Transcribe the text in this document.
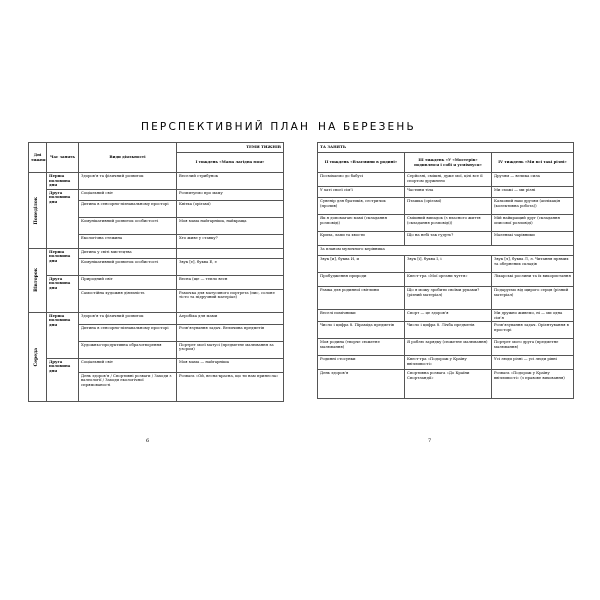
ПЕРСПЕКТИВНИЙ ПЛАН НА БЕРЕЗЕНЬ
Дні тижня	Час занять	Види діяльності	ТЕМИ ТИЖНІВ
			І тиждень «Мама лагідна моя»

Понеділок	Перша половина дня	Здоров’я та фізичний розвиток	Веселий стрибунок
	Друга половина дня	Соціальний світ	Розпитуємо про маму
		Дитина в сенсорно-пізнавальному просторі	Квітка (орігамі)
		Комунікативний розвиток особистості	Моя мама найгарніша, найкраща
		Екологічна стежина	Хто живе у ставку?

Вівторок	Перша половина дня	Дитина у світі мистецтва	
		Комунікативний розвиток особистості	Звук [е], буква Е, е
	Друга половина дня	Природний світ	Весна (ще — тепло весн
		Самостійна художня діяльність	Рамочка для матусиного портрета (пис, солоне тісто та підручний матеріал)

Середа	Перша половина дня	Здоров’я та фізичний розвиток	Аеробіка для мами
		Дитина в сенсорно-пізнавальному просторі	Розв’язування задач. Величина предметів
		Художньо-продуктивна образотворення	Портрет моєї матусі (предметне малювання за узором)
	Друга половина дня	Соціальний світ	Моя мама — найгарніша
		День здоров’я / Спортивні розваги / Заходи з валеології / Заходи екологічної спрямованості	Розвага «Ой, весна-красна, що ти нам принесла»
6
ТА ЗАНЯТЬ		
ІІ тиждень «Взаємини в родині»	ІІІ тиждень «У «Мостерів» подивлюся і собі я усміхнуся»	ІV тиждень «Ми всі такі різні»
Посміхаємо до бабусі	Серйозні, смішні, дуже мої, цілі все її спортом дружнено	Друзям — велика сила
У хаті своєї сім’ї	Частини тіла	Ми схожі — ми різні
Сувенір для братиків, сестричок (пролив)	Пташка (орігамі)	Казковий наш друзям (аплікація (колективна робота))
Як я допомагаю мамі (складання розповіді)	Смішний випадок (з власного життя (складання розповіді))	Мій найкращий друг (складання описової розповіді)
Крила, лапи та хвости	Що на небі так гудуть?	Маленькі чарівники
За планом музичного керівника		
Звук [и], буква И, и	Звук [і], буква І, і	Звук [л], буква Л, л. Читання прямих та обернених складів
Пробудження природи	Квест-гра «Мої органи чуття»	Лікарські рослини та їх використання
Рамка для родинної світлини	Що я можу зробити своїми руками? (різний матеріал)	Подаруємо від щирого серця (різний матеріал)
Веселі помічники	Спорт — це здоров’я	Ми дружно живемо, ні — ми одна сім’я
Число і цифра 8. Піраміда предметів	Число і цифра 8. Лічба предметів	Розв’язування задач. Орієнтування в просторі
Моя родина (творче сюжетне малювання)	Я роблю зарядку (сюжетне малювання)	Портрет мого друга (предметне малювання)
Родинні стосунки	Квест-гра «Подорож у Країну ввічливості»	Усі люди різні — усі люди рівні
День здоров’я	Спортивна розвага «До Країни Спортландії»	Розвага «Подорож у Країну ввічливості» (з правове виховання)
7
